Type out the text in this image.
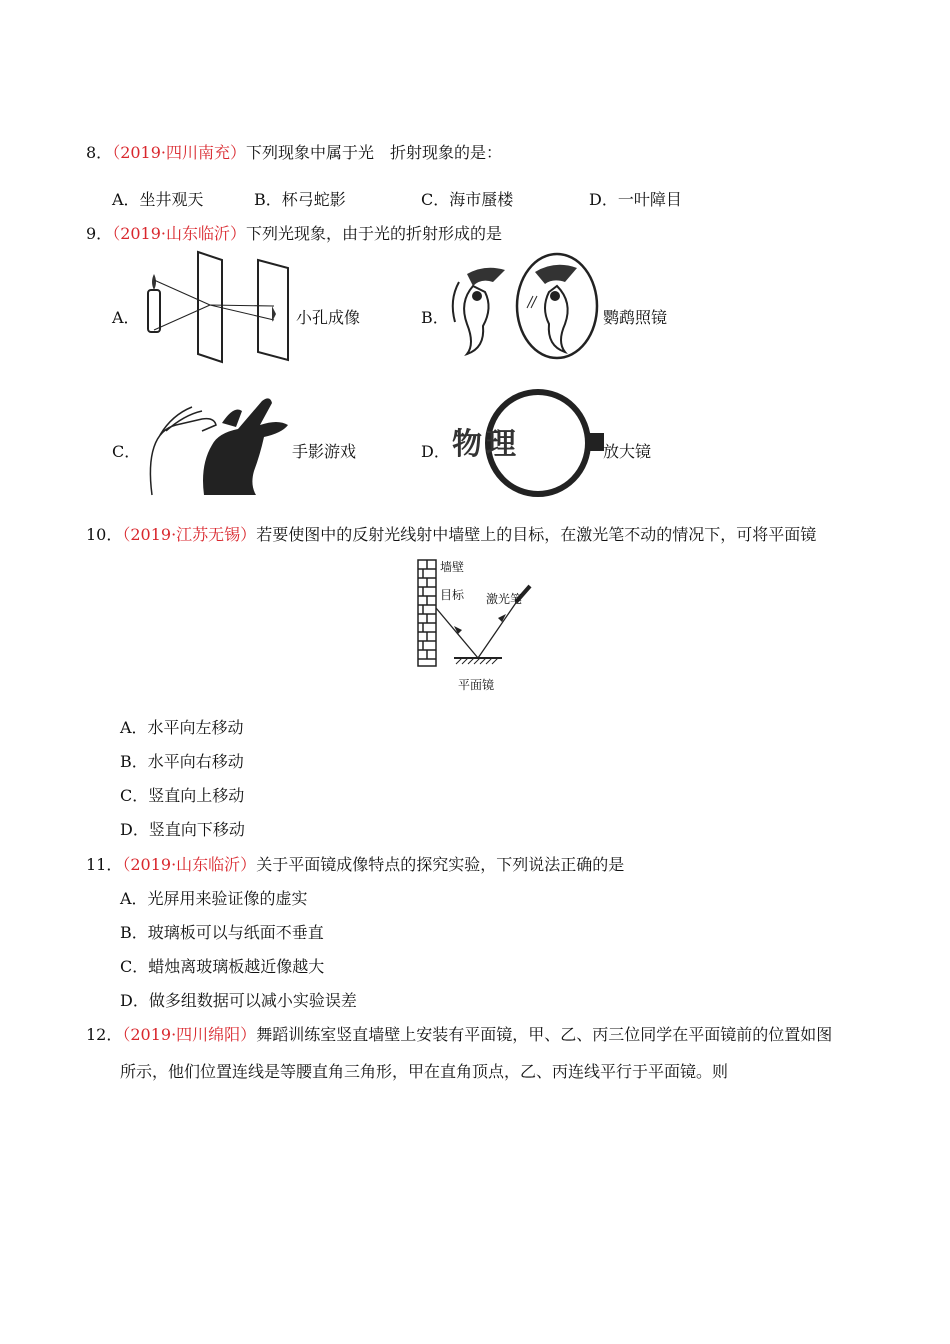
8．（2019·四川南充）下列现象中属于光　折射现象的是：
A．坐井观天	B．杯弓蛇影	C．海市蜃楼	D．一叶障目
9．（2019·山东临沂）下列光现象，由于光的折射形成的是
A．	小孔成像	B．	鹦鹉照镜
C．	手影游戏	D． 物理	放大镜
10．（2019·江苏无锡）若要使图中的反射光线射中墙壁上的目标，在激光笔不动的情况下，可将平面镜
墙壁
目标 激光笔
平面镜
A．水平向左移动
B．水平向右移动
C．竖直向上移动
D．竖直向下移动
11．（2019·山东临沂）关于平面镜成像特点的探究实验，下列说法正确的是
A．光屏用来验证像的虚实
B．玻璃板可以与纸面不垂直
C．蜡烛离玻璃板越近像越大
D．做多组数据可以减小实验误差
12．（2019·四川绵阳）舞蹈训练室竖直墙壁上安装有平面镜，甲、乙、丙三位同学在平面镜前的位置如图
所示，他们位置连线是等腰直角三角形，甲在直角顶点，乙、丙连线平行于平面镜。则
